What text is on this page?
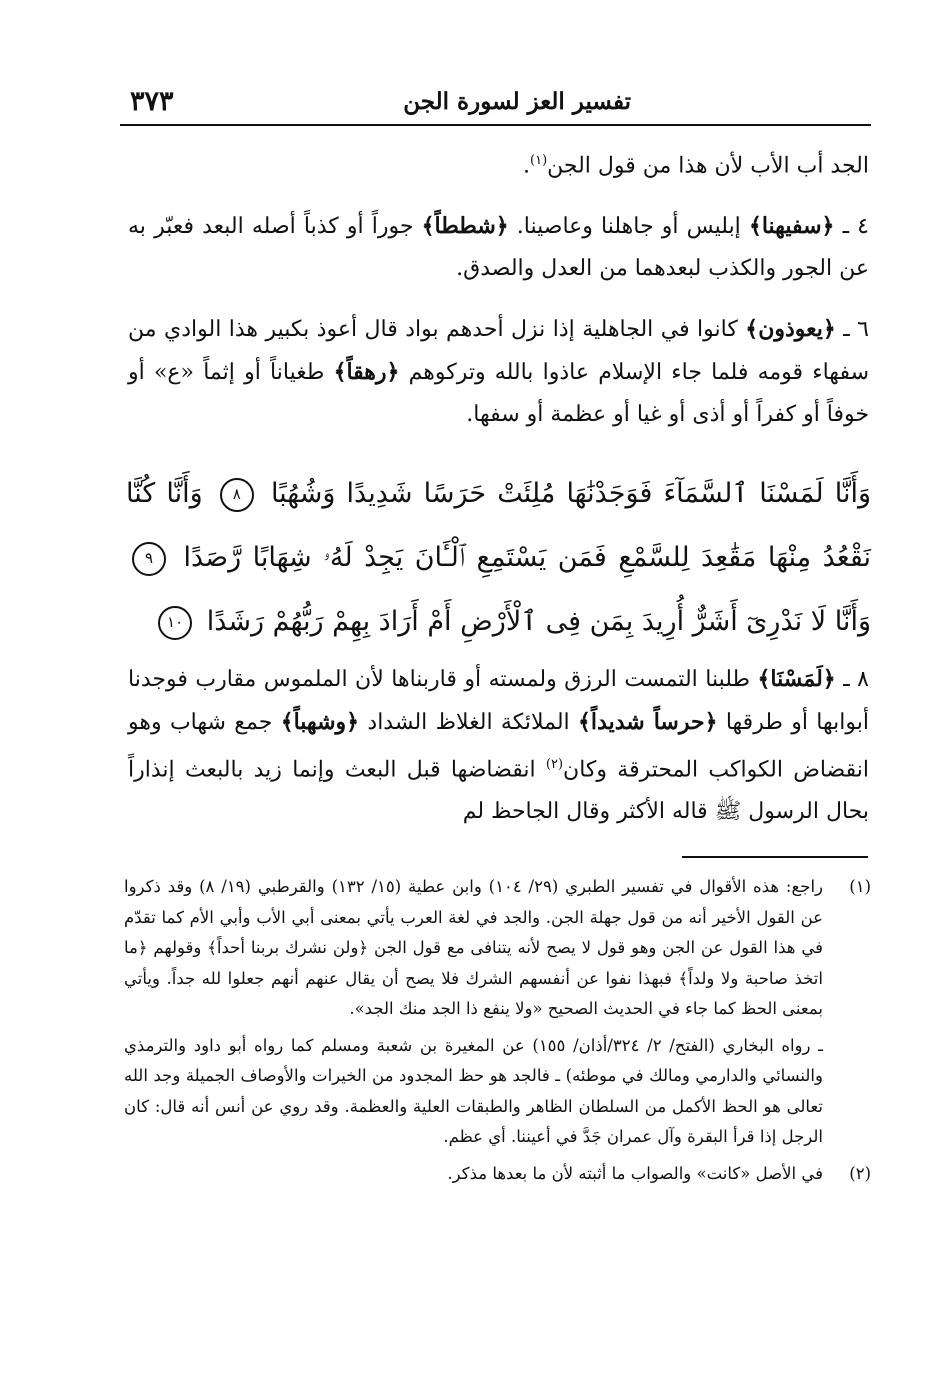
تفسير العز لسورة الجن
٣٧٣

الجد أب الأب لأن هذا من قول الجن$^{(١)}$.

٤ ـ ﴿سفيهنا﴾ إبليس أو جاهلنا وعاصينا. ﴿شططاً﴾ جوراً أو كذباً أصله البعد فعبّر به عن الجور والكذب لبعدهما من العدل والصدق.

٦ ـ ﴿يعوذون﴾ كانوا في الجاهلية إذا نزل أحدهم بواد قال أعوذ بكبير هذا الوادي من سفهاء قومه فلما جاء الإسلام عاذوا بالله وتركوهم ﴿رهقاً﴾ طغياناً أو إثماً «ع» أو خوفاً أو كفراً أو أذى أو غيا أو عظمة أو سفها.

وَأَنَّا لَمَسْنَا ٱلسَّمَآءَ فَوَجَدْنَٰهَا مُلِئَتْ حَرَسًا شَدِيدًا وَشُهُبًا ٨ وَأَنَّا كُنَّا نَقْعُدُ مِنْهَا مَقَٰعِدَ لِلسَّمْعِ فَمَن يَسْتَمِعِ ٱلْـَٔانَ يَجِدْ لَهُۥ شِهَابًا رَّصَدًا ٩ وَأَنَّا لَا نَدْرِىٓ أَشَرٌّ أُرِيدَ بِمَن فِى ٱلْأَرْضِ أَمْ أَرَادَ بِهِمْ رَبُّهُمْ رَشَدًا ١٠

٨ ـ ﴿لَمَسْنَا﴾ طلبنا التمست الرزق ولمسته أو قاربناها لأن الملموس مقارب فوجدنا أبوابها أو طرقها ﴿حرساً شديداً﴾ الملائكة الغلاظ الشداد ﴿وشهباً﴾ جمع شهاب وهو انقضاض الكواكب المحترقة وكان$^{(٢)}$ انقضاضها قبل البعث وإنما زيد بالبعث إنذاراً بحال الرسول ﷺ قاله الأكثر وقال الجاحظ لم

(١)
راجع: هذه الأقوال في تفسير الطبري (٢٩/ ١٠٤) وابن عطية (١٥/ ١٣٢) والقرطبي (١٩/ ٨) وقد ذكروا عن القول الأخير أنه من قول جهلة الجن. والجد في لغة العرب يأتي بمعنى أبي الأب وأبي الأم كما تقدّم في هذا القول عن الجن وهو قول لا يصح لأنه يتنافى مع قول الجن ﴿ولن نشرك بربنا أحداً﴾ وقولهم ﴿ما اتخذ صاحبة ولا ولداً﴾ فبهذا نفوا عن أنفسهم الشرك فلا يصح أن يقال عنهم أنهم جعلوا لله جداً. ويأتي بمعنى الحظ كما جاء في الحديث الصحيح «ولا ينفع ذا الجد منك الجد».

ـ رواه البخاري (الفتح/ ٢/ ٣٢٤/أذان/ ١٥٥) عن المغيرة بن شعبة ومسلم كما رواه أبو داود والترمذي والنسائي والدارمي ومالك في موطئه) ـ فالجد هو حظ المجدود من الخيرات والأوصاف الجميلة وجد الله تعالى هو الحظ الأكمل من السلطان الظاهر والطبقات العلية والعظمة. وقد روي عن أنس أنه قال: كان الرجل إذا قرأ البقرة وآل عمران جَدَّ في أعيننا. أي عظم.

(٢)
في الأصل «كانت» والصواب ما أثبته لأن ما بعدها مذكر.
